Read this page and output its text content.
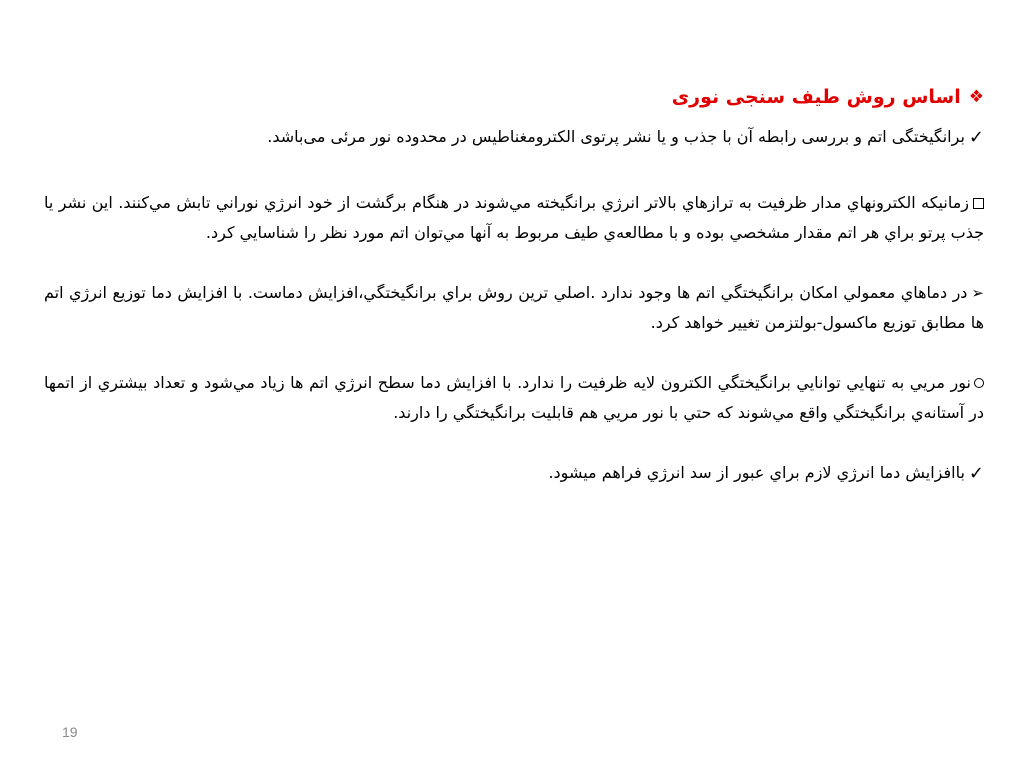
❖
اساس روش طيف سنجی نوری

✓برانگیختگی اتم و بررسی رابطه آن با جذب و یا نشر پرتوی الکترومغناطیس در محدوده نور مرئی می‌باشد.

زمانيكه الكترونهاي مدار ظرفيت به ترازهاي بالاتر انرژي برانگيخته مي‌شوند در هنگام برگشت از خود انرژي نوراني تابش مي‌كنند. اين نشر يا جذب پرتو براي هر اتم مقدار مشخصي بوده و با مطالعه‌ي طيف مربوط به آنها مي‌توان اتم مورد نظر را شناسايي كرد.

➢در دماهاي معمولي امكان برانگيختگي اتم ها وجود ندارد .اصلي ترين روش براي برانگيختگي،افزايش دماست. با افزايش دما توزيع انرژي اتم ها مطابق توزيع ماكسول-بولتزمن تغيير خواهد كرد.

نور مريي به تنهايي توانايي برانگيختگي الكترون لايه ظرفيت را ندارد. با افزايش دما سطح انرژي اتم ها زياد مي‌شود و تعداد بيشتري از اتمها در آستانه‌ي برانگيختگي واقع مي‌شوند كه حتي با نور مريي هم قابليت برانگيختگي را دارند.

✓باافزايش دما انرژي لازم براي عبور از سد انرژي فراهم ميشود.

19
